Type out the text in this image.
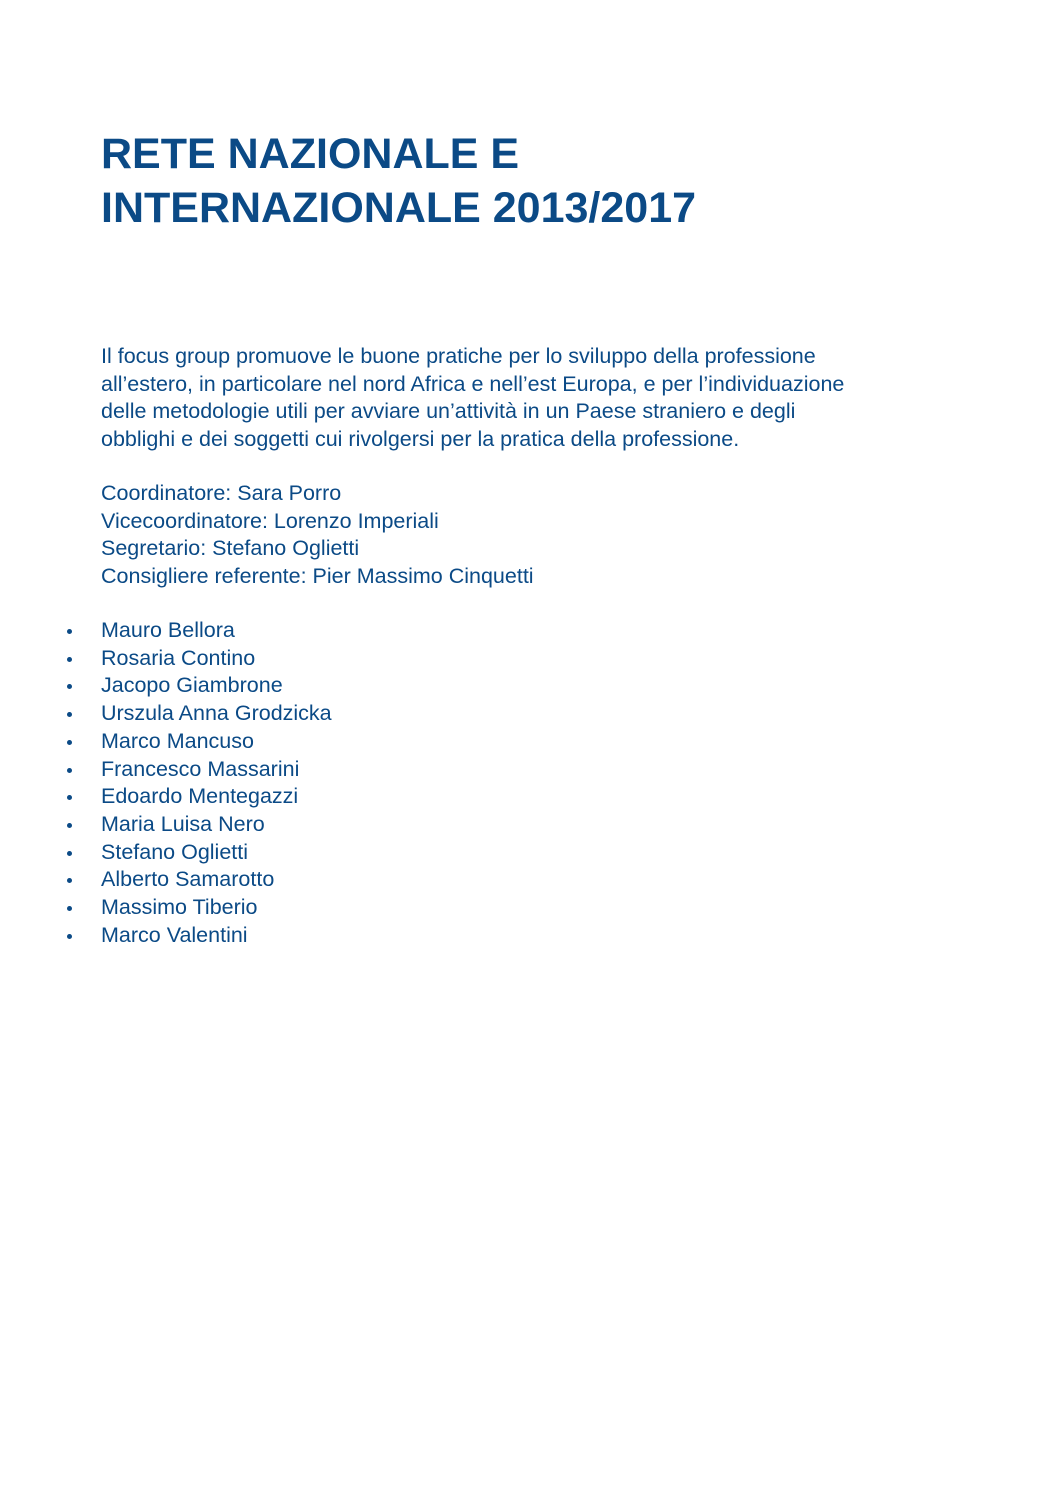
RETE NAZIONALE E
INTERNAZIONALE 2013/2017

Il focus group promuove le buone pratiche per lo sviluppo della professione
all’estero, in particolare nel nord Africa e nell’est Europa, e per l’individuazione
delle metodologie utili per avviare un’attività in un Paese straniero e degli
obblighi e dei soggetti cui rivolgersi per la pratica della professione.

Coordinatore: Sara Porro
Vicecoordinatore: Lorenzo Imperiali
Segretario: Stefano Oglietti
Consigliere referente: Pier Massimo Cinquetti
Mauro Bellora
Rosaria Contino
Jacopo Giambrone
Urszula Anna Grodzicka
Marco Mancuso
Francesco Massarini
Edoardo Mentegazzi
Maria Luisa Nero
Stefano Oglietti
Alberto Samarotto
Massimo Tiberio
Marco Valentini
